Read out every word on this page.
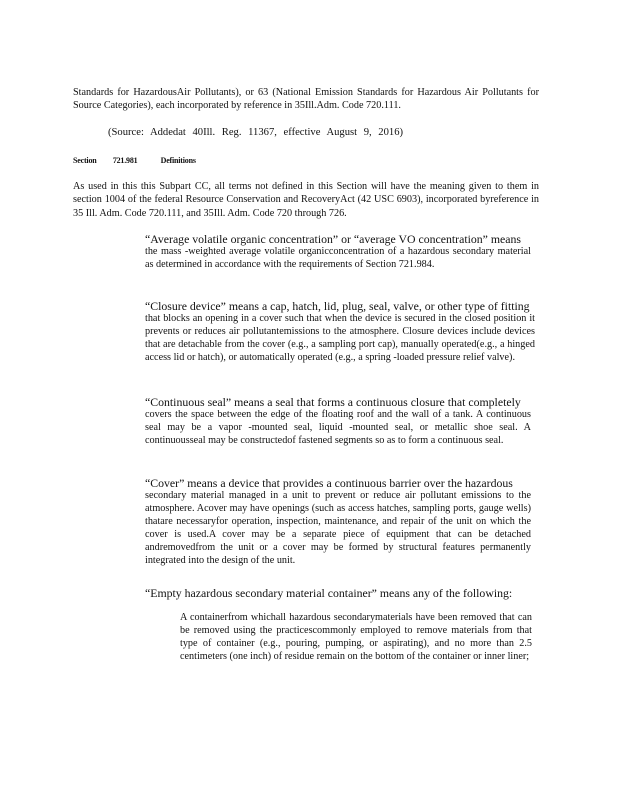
Standards for HazardousAir Pollutants), or 63 (National Emission Standards for Hazardous Air Pollutants for Source Categories), each incorporated by reference in 35Ill.Adm. Code 720.111.

(Source: Addedat 40Ill. Reg. 11367, effective August 9, 2016)

Section 721.981	Definitions

As used in this this Subpart CC, all terms not defined in this Section will have the meaning given to them in section 1004 of the federal Resource Conservation and RecoveryAct (42 USC 6903), incorporated byreference in 35 Ill. Adm. Code 720.111, and 35Ill. Adm. Code 720 through 726.

“Average volatile organic concentration” or “average VO concentration” means

the mass -weighted average volatile organicconcentration of a hazardous secondary material as determined in accordance with the requirements of Section 721.984.

“Closure device” means a cap, hatch, lid, plug, seal, valve, or other type of fitting

that blocks an opening in a cover such that when the device is secured in the closed position it prevents or reduces air pollutantemissions to the atmosphere. Closure devices include devices that are detachable from the cover (e.g., a sampling port cap), manually operated(e.g., a hinged access lid or hatch), or automatically operated (e.g., a spring -loaded pressure relief valve).

“Continuous seal” means a seal that forms a continuous closure that completely

covers the space between the edge of the floating roof and the wall of a tank. A continuous seal may be a vapor -mounted seal, liquid -mounted seal, or metallic shoe seal. A continuousseal may be constructedof fastened segments so as to form a continuous seal.

“Cover” means a device that provides a continuous barrier over the hazardous

secondary material managed in a unit to prevent or reduce air pollutant emissions to the atmosphere. Acover may have openings (such as access hatches, sampling ports, gauge wells) thatare necessaryfor operation, inspection, maintenance, and repair of the unit on which the cover is used.A cover may be a separate piece of equipment that can be detached andremovedfrom the unit or a cover may be formed by structural features permanently integrated into the design of the unit.

“Empty hazardous secondary material container” means any of the following:

A containerfrom whichall hazardous secondarymaterials have been removed that can be removed using the practicescommonly employed to remove materials from that type of container (e.g., pouring, pumping, or aspirating), and no more than 2.5 centimeters (one inch) of residue remain on the bottom of the container or inner liner;
